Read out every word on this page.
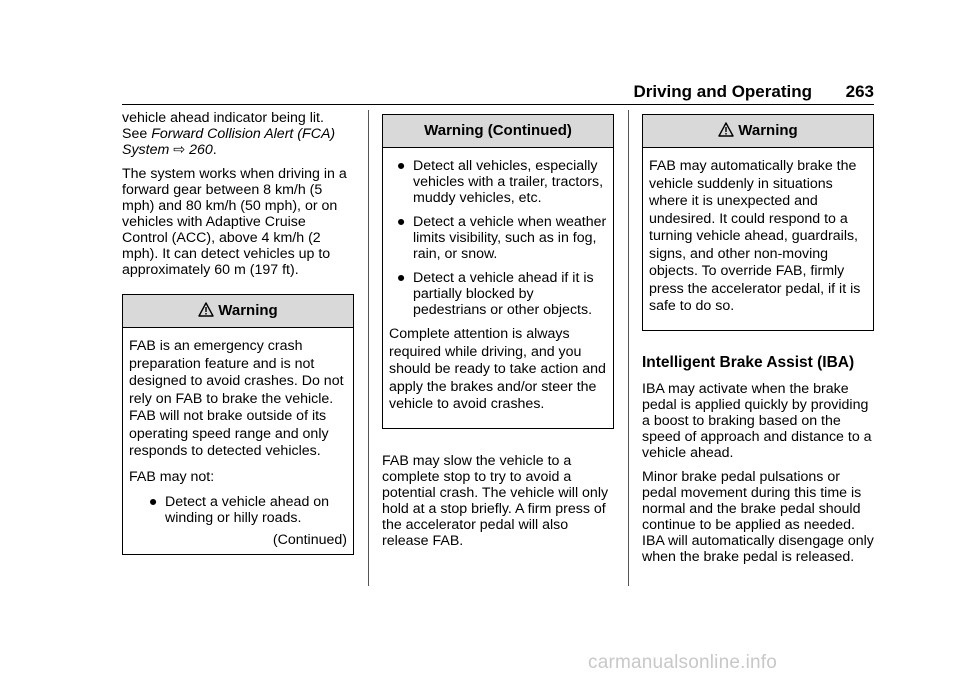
Driving and Operating 263

vehicle ahead indicator being lit.
See Forward Collision Alert (FCA) System ⇨ 260.

The system works when driving in a forward gear between 8 km/h (5 mph) and 80 km/h (50 mph), or on vehicles with Adaptive Cruise Control (ACC), above 4 km/h (2 mph). It can detect vehicles up to approximately 60 m (197 ft).

Warning

FAB is an emergency crash preparation feature and is not designed to avoid crashes. Do not rely on FAB to brake the vehicle. FAB will not brake outside of its operating speed range and only responds to detected vehicles.

FAB may not:

● Detect a vehicle ahead on winding or hilly roads.
(Continued)
Warning (Continued)
● Detect all vehicles, especially vehicles with a trailer, tractors, muddy vehicles, etc.
● Detect a vehicle when weather limits visibility, such as in fog, rain, or snow.
● Detect a vehicle ahead if it is partially blocked by pedestrians or other objects.

Complete attention is always required while driving, and you should be ready to take action and apply the brakes and/or steer the vehicle to avoid crashes.

FAB may slow the vehicle to a complete stop to try to avoid a potential crash. The vehicle will only hold at a stop briefly. A firm press of the accelerator pedal will also release FAB.

Warning

FAB may automatically brake the vehicle suddenly in situations where it is unexpected and undesired. It could respond to a turning vehicle ahead, guardrails, signs, and other non-moving objects. To override FAB, firmly press the accelerator pedal, if it is safe to do so.

Intelligent Brake Assist (IBA)

IBA may activate when the brake pedal is applied quickly by providing a boost to braking based on the speed of approach and distance to a vehicle ahead.

Minor brake pedal pulsations or pedal movement during this time is normal and the brake pedal should continue to be applied as needed. IBA will automatically disengage only when the brake pedal is released.

carmanualsonline.info
